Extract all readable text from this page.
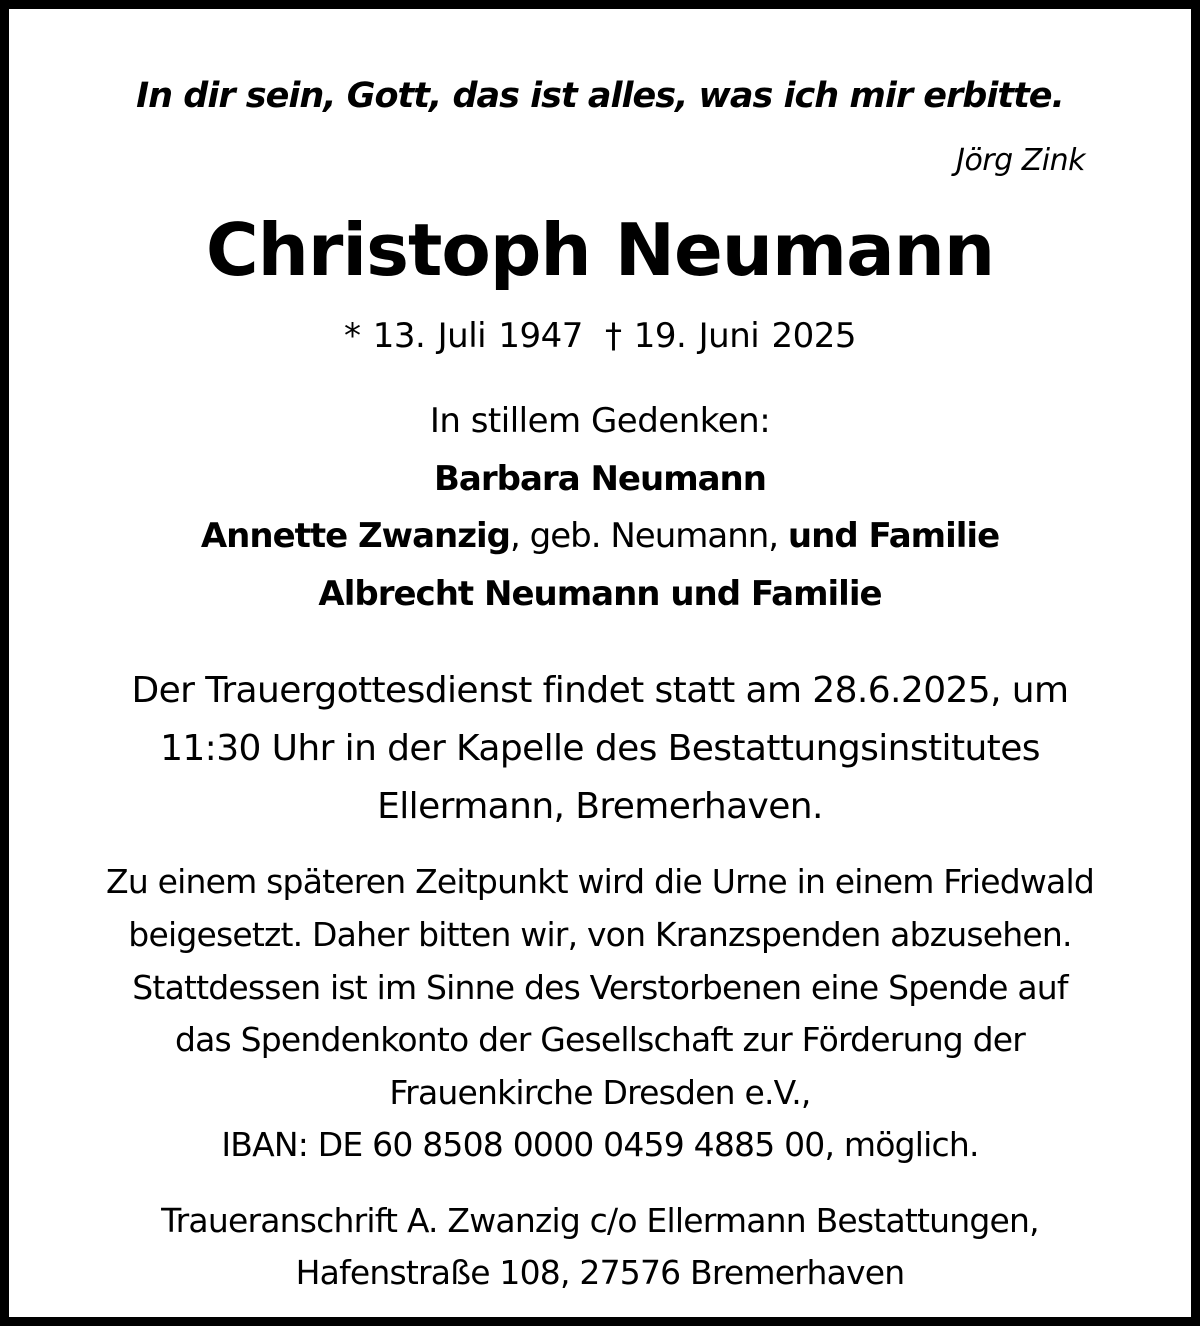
In dir sein, Gott, das ist alles, was ich mir erbitte.
Jörg Zink
Christoph Neumann
* 13. Juli 1947 † 19. Juni 2025
In stillem Gedenken:
Barbara Neumann
Annette Zwanzig, geb. Neumann, und Familie
Albrecht Neumann und Familie
Der Trauergottesdienst findet statt am 28.6.2025, um
11:30 Uhr in der Kapelle des Bestattungsinstitutes
Ellermann, Bremerhaven.
Zu einem späteren Zeitpunkt wird die Urne in einem Friedwald
beigesetzt. Daher bitten wir, von Kranzspenden abzusehen.
Stattdessen ist im Sinne des Verstorbenen eine Spende auf
das Spendenkonto der Gesellschaft zur Förderung der
Frauenkirche Dresden e.V.,
IBAN: DE 60 8508 0000 0459 4885 00, möglich.
Traueranschrift A. Zwanzig c/o Ellermann Bestattungen,
Hafenstraße 108, 27576 Bremerhaven
